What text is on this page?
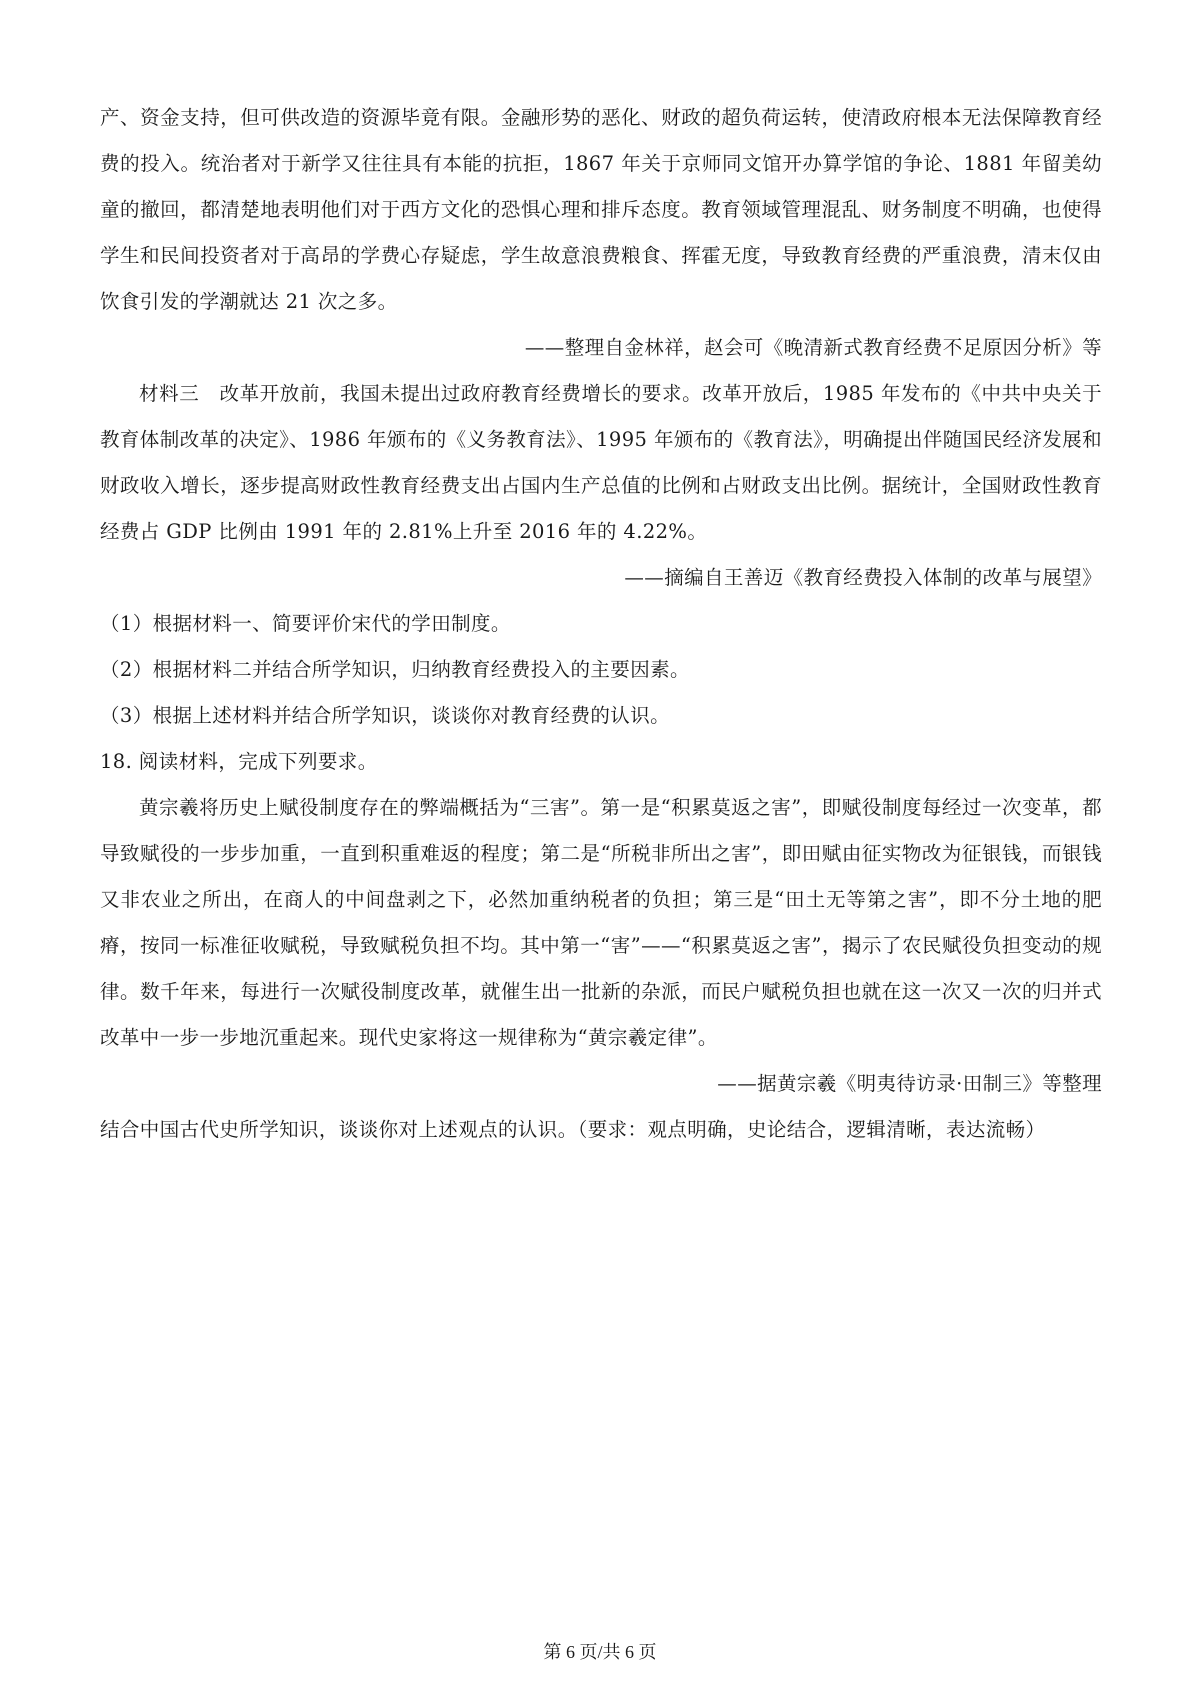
产、资金支持，但可供改造的资源毕竟有限。金融形势的恶化、财政的超负荷运转，使清政府根本无法保障教育经费的投入。统治者对于新学又往往具有本能的抗拒，1867 年关于京师同文馆开办算学馆的争论、1881 年留美幼童的撤回，都清楚地表明他们对于西方文化的恐惧心理和排斥态度。教育领域管理混乱、财务制度不明确，也使得学生和民间投资者对于高昂的学费心存疑虑，学生故意浪费粮食、挥霍无度，导致教育经费的严重浪费，清末仅由饮食引发的学潮就达 21 次之多。

——整理自金林祥，赵会可《晚清新式教育经费不足原因分析》等

材料三　改革开放前，我国未提出过政府教育经费增长的要求。改革开放后，1985 年发布的《中共中央关于教育体制改革的决定》、1986 年颁布的《义务教育法》、1995 年颁布的《教育法》，明确提出伴随国民经济发展和财政收入增长，逐步提高财政性教育经费支出占国内生产总值的比例和占财政支出比例。据统计，全国财政性教育经费占 GDP 比例由 1991 年的 2.81%上升至 2016 年的 4.22%。

——摘编自王善迈《教育经费投入体制的改革与展望》

（1）根据材料一、简要评价宋代的学田制度。

（2）根据材料二并结合所学知识，归纳教育经费投入的主要因素。

（3）根据上述材料并结合所学知识，谈谈你对教育经费的认识。

18. 阅读材料，完成下列要求。

黄宗羲将历史上赋役制度存在的弊端概括为“三害”。第一是“积累莫返之害”，即赋役制度每经过一次变革，都导致赋役的一步步加重，一直到积重难返的程度；第二是“所税非所出之害”，即田赋由征实物改为征银钱，而银钱又非农业之所出，在商人的中间盘剥之下，必然加重纳税者的负担；第三是“田土无等第之害”，即不分土地的肥瘠，按同一标准征收赋税，导致赋税负担不均。其中第一“害”——“积累莫返之害”，揭示了农民赋役负担变动的规律。数千年来，每进行一次赋役制度改革，就催生出一批新的杂派，而民户赋税负担也就在这一次又一次的归并式改革中一步一步地沉重起来。现代史家将这一规律称为“黄宗羲定律”。

——据黄宗羲《明夷待访录·田制三》等整理

结合中国古代史所学知识，谈谈你对上述观点的认识。（要求：观点明确，史论结合，逻辑清晰，表达流畅）

第 6 页/共 6 页
